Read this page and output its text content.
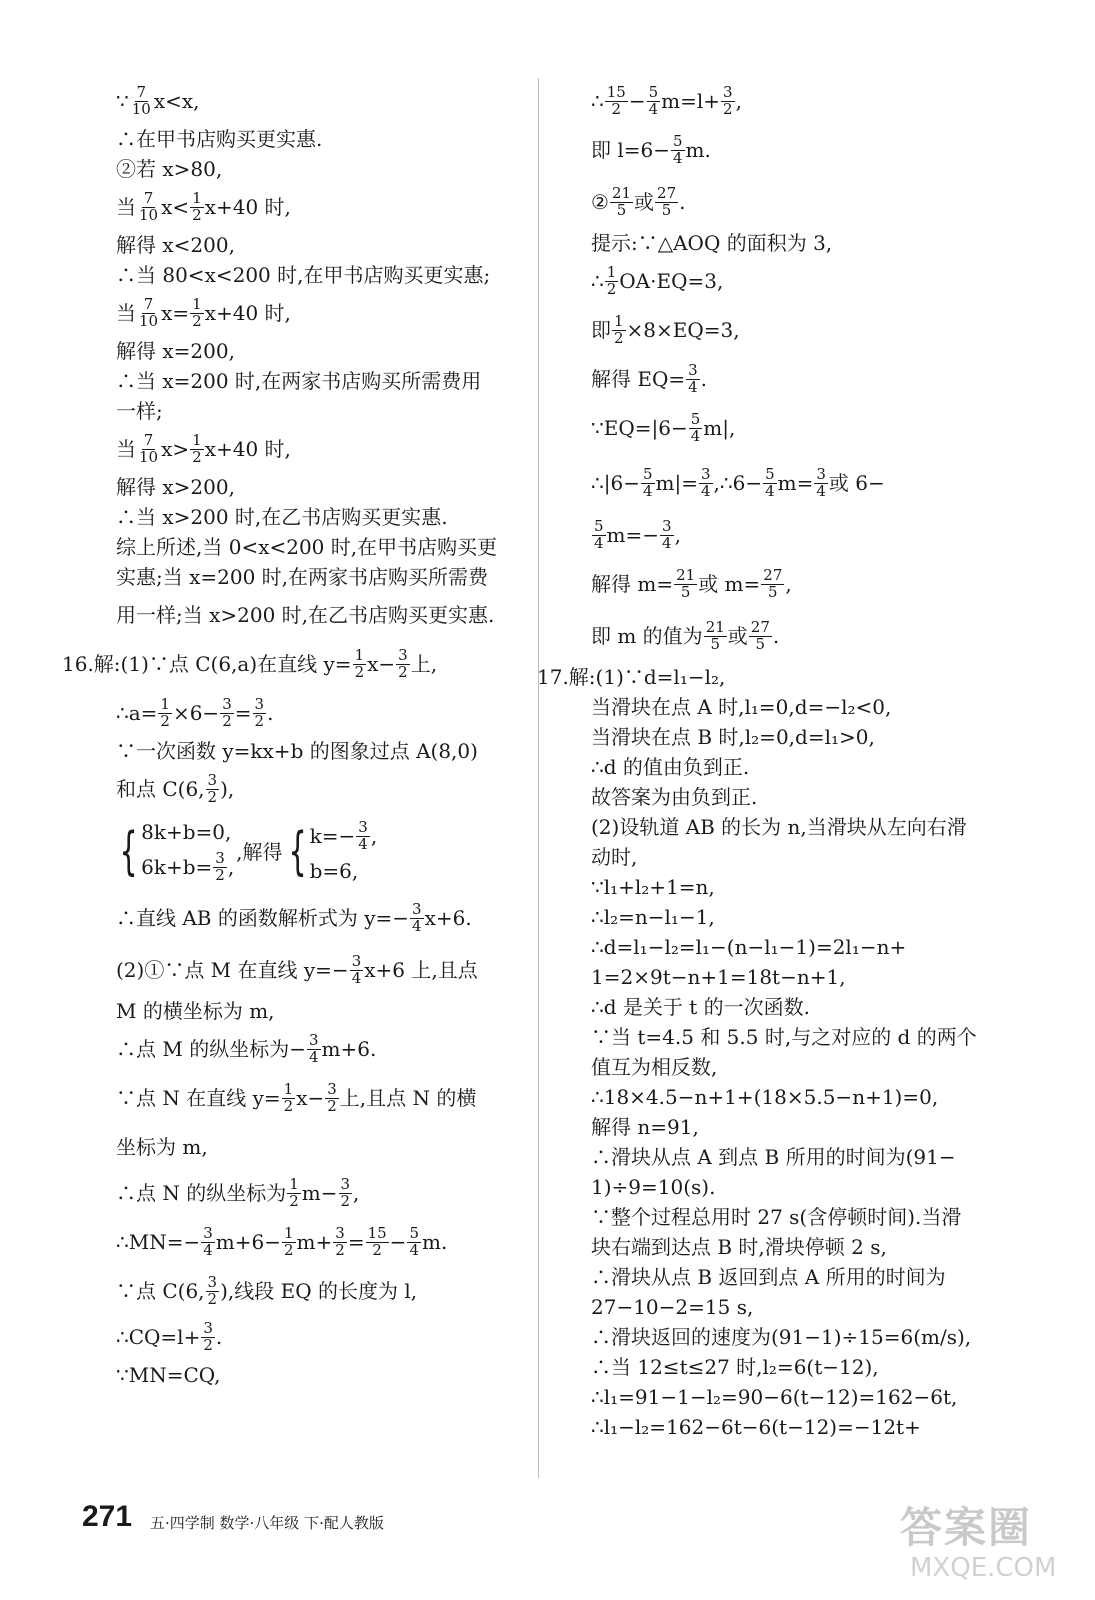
∵ $\frac{7}{10} x<x$,
∴在甲书店购买更实惠.
②若 x>80,
当 $\frac{7}{10} x< \frac{1}{2} x+40$ 时,
解得 x<200,
∴当 80<x<200 时,在甲书店购买更实惠;
当 $\frac{7}{10} x= \frac{1}{2} x+40$ 时,
解得 x=200,
∴当 x=200 时,在两家书店购买所需费用
一样;
当 $\frac{7}{10} x> \frac{1}{2} x+40$ 时,
解得 x>200,
∴当 x>200 时,在乙书店购买更实惠.
综上所述,当 0<x<200 时,在甲书店购买更
实惠;当 x=200 时,在两家书店购买所需费
用一样;当 x>200 时,在乙书店购买更实惠.
16.解:(1)∵点 C(6,a)在直线 $y= \frac{1}{2} x- \frac{3}{2}$ 上,
∴a= $\frac{1}{2} \times 6- \frac{3}{2} = \frac{3}{2}$ .
∵一次函数 y=kx+b 的图象过点 A(8,0)
和点 C(6, $\frac{3}{2}$ ),
{ 8k+b=0,
$6k+b= \frac{3}{2}$ ,
,解得 { $k=- \frac{3}{4}$ ,
b=6,
∴直线 AB 的函数解析式为 $y=- \frac{3}{4} x+6$.
(2)①∵点 M 在直线 $y=- \frac{3}{4} x+6$ 上,且点
M 的横坐标为 m,
∴点 M 的纵坐标为− $\frac{3}{4} m+6$.
∵点 N 在直线 $y= \frac{1}{2} x- \frac{3}{2}$ 上,且点 N 的横
坐标为 m,
∴点 N 的纵坐标为 $\frac{1}{2} m- \frac{3}{2}$ ,
∴MN=− $\frac{3}{4} m+6- \frac{1}{2} m+ \frac{3}{2} = \frac{15}{2} - \frac{5}{4} m$.
∵点 C(6, $\frac{3}{2}$ ),线段 EQ 的长度为 l,
∴CQ=l+ $\frac{3}{2}$ .
∵MN=CQ,
∴ $\frac{15}{2} - \frac{5}{4} m=l+ \frac{3}{2}$ ,
即 $l=6- \frac{5}{4} m$.
② $\frac{21}{5}$ 或 $\frac{27}{5}$ .
提示:∵△AOQ 的面积为 3,
∴ $\frac{1}{2} OA\cdot EQ=3$,
即 $\frac{1}{2} \times 8\times EQ=3$,
解得 $EQ= \frac{3}{4}$ .
∵EQ=|6− $\frac{5}{4} m|$,
∴|6− $\frac{5}{4} m|= \frac{3}{4}$ ,∴6− $\frac{5}{4} m= \frac{3}{4}$ 或 6−
$\frac{5}{4} m=- \frac{3}{4}$ ,
解得 $m= \frac{21}{5}$ 或 $m= \frac{27}{5}$ ,
即 m 的值为 $\frac{21}{5}$ 或 $\frac{27}{5}$ .
17.解:(1)∵d=l₁−l₂,
当滑块在点 A 时,l₁=0,d=−l₂<0,
当滑块在点 B 时,l₂=0,d=l₁>0,
∴d 的值由负到正.
故答案为由负到正.
(2)设轨道 AB 的长为 n,当滑块从左向右滑
动时,
∵l₁+l₂+1=n,
∴l₂=n−l₁−1,
∴d=l₁−l₂=l₁−(n−l₁−1)=2l₁−n+
1=2×9t−n+1=18t−n+1,
∴d 是关于 t 的一次函数.
∵当 t=4.5 和 5.5 时,与之对应的 d 的两个
值互为相反数,
∴18×4.5−n+1+(18×5.5−n+1)=0,
解得 n=91,
∴滑块从点 A 到点 B 所用的时间为(91−
1)÷9=10(s).
∵整个过程总用时 27 s(含停顿时间).当滑
块右端到达点 B 时,滑块停顿 2 s,
∴滑块从点 B 返回到点 A 所用的时间为
27−10−2=15 s,
∴滑块返回的速度为(91−1)÷15=6(m/s),
∴当 12≤t≤27 时,l₂=6(t−12),
∴l₁=91−1−l₂=90−6(t−12)=162−6t,
∴l₁−l₂=162−6t−6(t−12)=−12t+
271 五·四学制 数学·八年级 下·配人教版	答案圈
MXQE.COM
